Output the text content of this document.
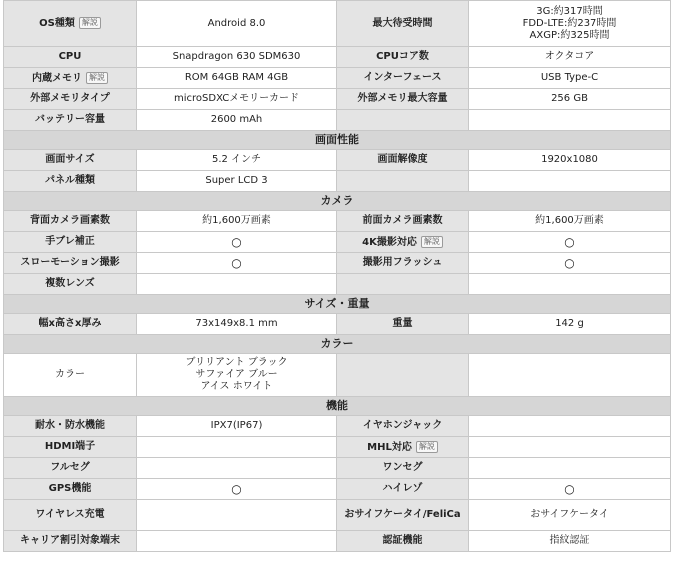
OS種類 解説	Android 8.0	最大待受時間	3G:約317時間
FDD-LTE:約237時間
AXGP:約325時間

CPU	Snapdragon 630 SDM630	CPUコア数	オクタコア

内蔵メモリ 解説	ROM 64GB RAM 4GB	インターフェース	USB Type-C

外部メモリタイプ	microSDXCメモリーカード	外部メモリ最大容量	256 GB

バッテリー容量	2600 mAh		

画面性能			
画面サイズ	5.2 インチ	画面解像度	1920x1080

パネル種類	Super LCD 3		

カメラ			
背面カメラ画素数	約1,600万画素	前面カメラ画素数	約1,600万画素

手ブレ補正	○	4K撮影対応 解説	○

スローモーション撮影	○	撮影用フラッシュ	○

複数レンズ			
サイズ・重量			
幅x高さx厚み	73x149x8.1 mm	重量	142 g

カラー			
カラー	ブリリアント ブラック
サファイア ブルー
アイス ホワイト		

機能			
耐水・防水機能	IPX7(IP67)	イヤホンジャック	
HDMI端子		MHL対応 解説	
フルセグ		ワンセグ	
GPS機能	○	ハイレゾ	○

ワイヤレス充電		おサイフケータイ/FeliCa	おサイフケータイ

キャリア割引対象端末		認証機能	指紋認証
